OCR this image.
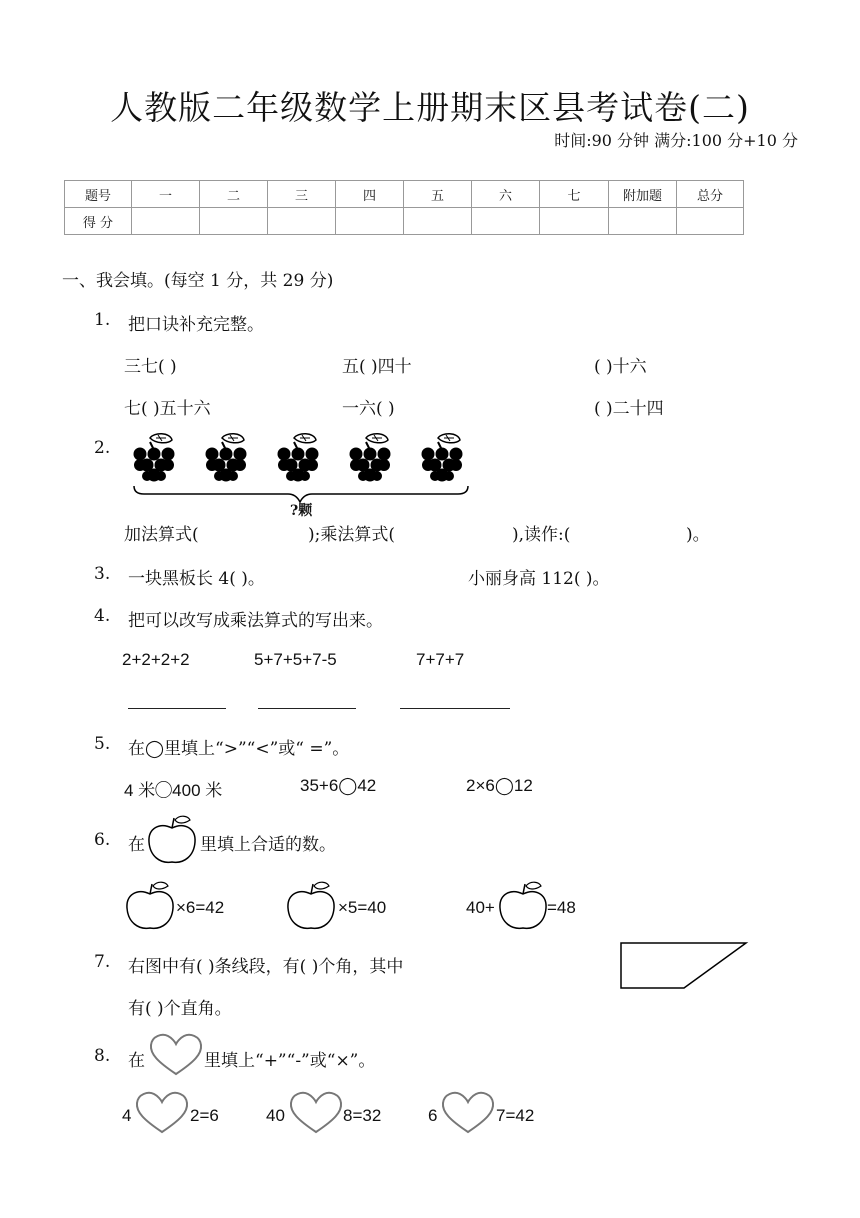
人教版二年级数学上册期末区县考试卷(二)
时间:90 分钟 满分:100 分+10 分
题号	一	二	三	四	五	六	七	附加题	总分
得 分									
一、我会填。(每空 1 分，共 29 分)
1. 把口诀补充完整。
三七( )	五( )四十	( )十六
七( )五十六	一六( )	( )二十四
2.
?颗
加法算式(	);乘法算式(	),读作:(	)。
3. 一块黑板长 4( )。	小丽身高 112( )。
4. 把可以改写成乘法算式的写出来。
2+2+2+2	5+7+5+7-5	7+7+7
5. 在◯里填上“>”“<”或“ =”。
4 米◯400 米	35+6◯42	2×6◯12
6. 在	里填上合适的数。
×6=42	×5=40	40+	=48
7. 右图中有( )条线段，有( )个角，其中
有( )个直角。
8. 在	里填上“+”“-”或“×”。
4	2=6	40	8=32	6	7=42
